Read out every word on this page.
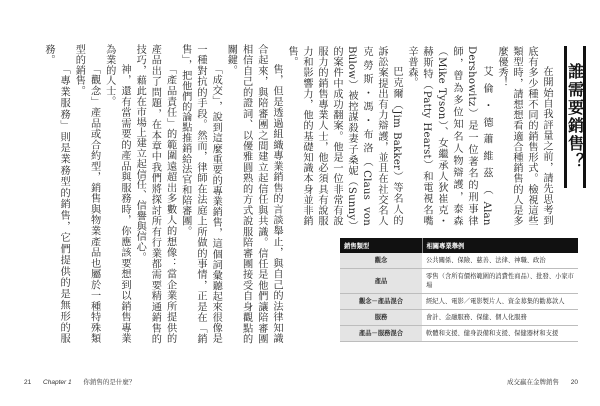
售，但是透過組織專業銷售的言談舉止，與自己的法律知識合起來，與陪審團之間建立起信任與共識。信任是他們讓陪審團相信自己的證詞、以優雅圓熟的方式說服陪審團接受自身觀點的關鍵。

「成交」，說到這麼重要的專業銷售，這個詞彙聽起來很像是一種對抗的手段。然而，律師在法庭上所做的事情，正是在「銷售」，把他們的論點推銷給法官和陪審團。

「產品責任」的範圍遠超出多數人的想像：當企業所提供的產品出了問題，在本章中我們將探討所有行業都需要精通銷售的技巧，藉此在市場上建立起信任、信譽與信心。

神，還有當需要的產品與服務時，你應該要想到以銷售專業為業的人士。

「觀念」產品或合約型，銷售與物業產品也屬於一種特殊類型的銷售。

「專業服務」則是業務型的銷售，它們提供的是無形的服務。

21 Chapter 1 你銷售的是什麼？
誰需要銷售？

在開始自我評量之前，請先思考到底有多少種不同的銷售形式。檢視這些類型時，請想想看適合種銷售的人是多麼優秀！

艾倫・德蕭維茲（Alan Dershowitz）是一位著名的刑事律師，曾為多位知名人物辯護，泰森（Mike Tyson）、女繼承人狄崔克・赫斯特（Patty Hearst）和電視名嘴辛普森。

巴克爾（Jim Bakker）等名人的訴訟案提出有力辯護，並且在社交名人克勞斯・馮・布洛（Claus von Bülow）被控謀殺妻子桑妮（Sunny）的案件中成功翻案。他是一位非常有說服力的銷售專業人士，他必須具有說服力和影響力，他的基礎知識本身並非銷售。

銷售類型	相關專業舉例
觀念	公共關係、保險、慈善、法律、神職、政治
產品	零售（含所有價格範圍的消費性商品）、批發、小家市場
觀念－產品混合	經紀人、電影／電影製片人、資金募集的勸募款人
服務	會計、金融服務、保健、個人化服務
產品－服務混合	軟體和支援、健身設備和支援、保健器材和支援
成交贏在金牌銷售 20
